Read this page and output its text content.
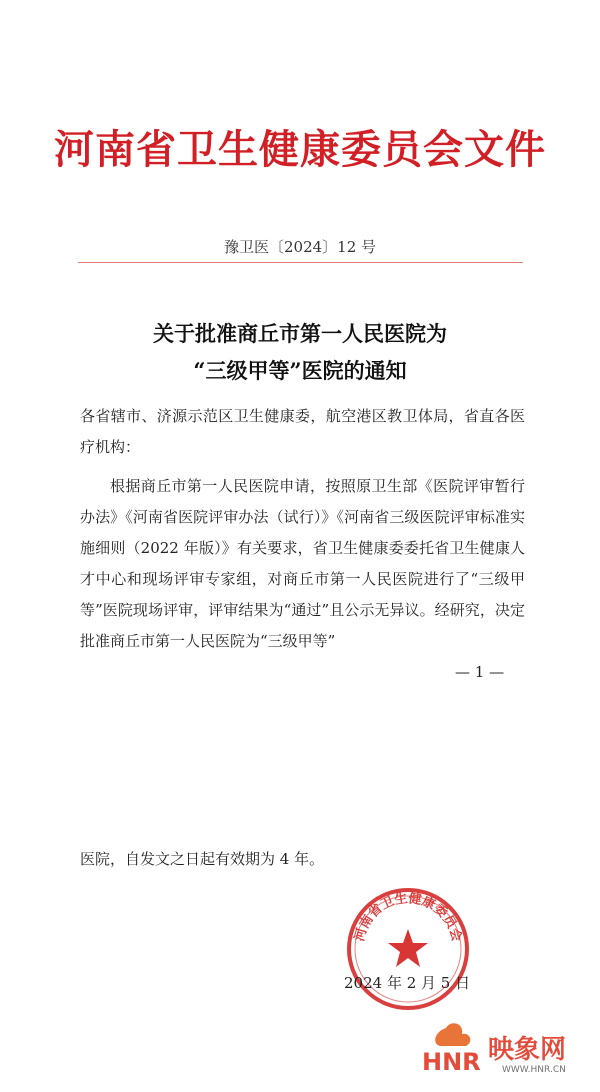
河南省卫生健康委员会文件
豫卫医〔2024〕12 号
关于批准商丘市第一人民医院为
“三级甲等”医院的通知
各省辖市、济源示范区卫生健康委，航空港区教卫体局，省直各医疗机构：
根据商丘市第一人民医院申请，按照原卫生部《医院评审暂行办法》《河南省医院评审办法（试行）》《河南省三级医院评审标准实施细则（2022 年版）》有关要求，省卫生健康委委托省卫生健康人才中心和现场评审专家组，对商丘市第一人民医院进行了“三级甲等”医院现场评审，评审结果为“通过”且公示无异议。经研究，决定批准商丘市第一人民医院为“三级甲等”
— 1 —
医院，自发文之日起有效期为 4 年。
河南省卫生健康委员会
2024 年 2 月 5 日
HNR 映象网
WWW.HNR.CN
